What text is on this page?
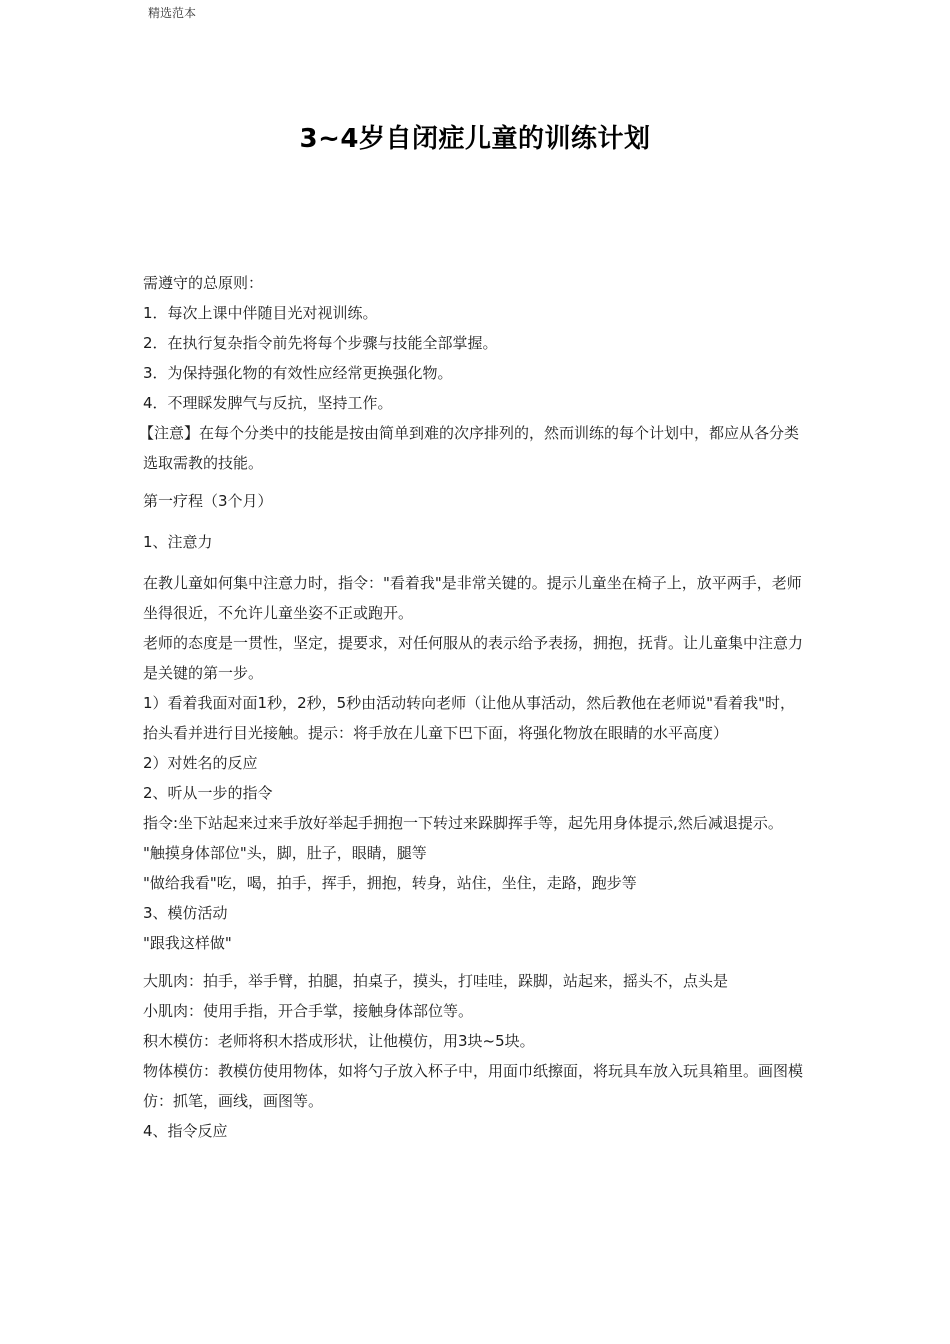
精选范本
3~4岁自闭症儿童的训练计划

需遵守的总原则：

1．每次上课中伴随目光对视训练。

2．在执行复杂指令前先将每个步骤与技能全部掌握。

3．为保持强化物的有效性应经常更换强化物。

4．不理睬发脾气与反抗，坚持工作。

【注意】在每个分类中的技能是按由简单到难的次序排列的，然而训练的每个计划中，都应从各分类选取需教的技能。

第一疗程（3个月）

1、注意力

在教儿童如何集中注意力时，指令："看着我"是非常关键的。提示儿童坐在椅子上，放平两手，老师坐得很近，不允许儿童坐姿不正或跑开。

老师的态度是一贯性，坚定，提要求，对任何服从的表示给予表扬，拥抱，抚背。让儿童集中注意力是关键的第一步。

1）看着我面对面1秒，2秒，5秒由活动转向老师（让他从事活动，然后教他在老师说"看着我"时，抬头看并进行目光接触。提示：将手放在儿童下巴下面，将强化物放在眼睛的水平高度）

2）对姓名的反应

2、听从一步的指令

指令:坐下站起来过来手放好举起手拥抱一下转过来跺脚挥手等，起先用身体提示,然后减退提示。

"触摸身体部位"头，脚，肚子，眼睛，腿等

"做给我看"吃，喝，拍手，挥手，拥抱，转身，站住，坐住，走路，跑步等

3、模仿活动

"跟我这样做"

大肌肉：拍手，举手臂，拍腿，拍桌子，摸头，打哇哇，跺脚，站起来，摇头不，点头是

小肌肉：使用手指，开合手掌，接触身体部位等。

积木模仿：老师将积木搭成形状，让他模仿，用3块~5块。

物体模仿：教模仿使用物体，如将勺子放入杯子中，用面巾纸擦面，将玩具车放入玩具箱里。画图模仿：抓笔，画线，画图等。

4、指令反应
